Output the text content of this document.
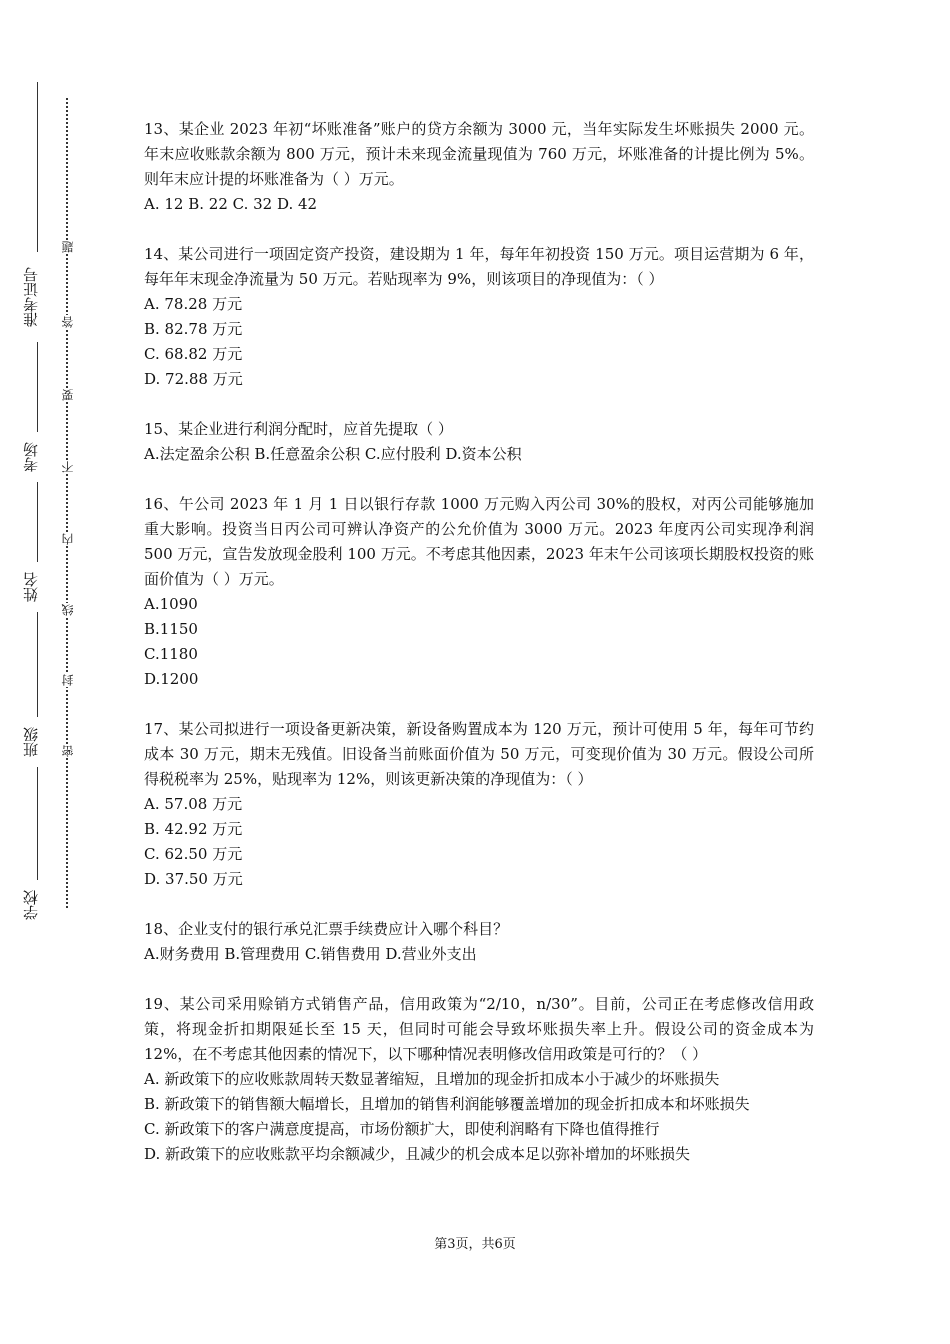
准考证号
考场
姓名
班级
学校
题
答
要
不
内
线
封
密

13、某企业 2023 年初“坏账准备”账户的贷方余额为 3000 元，当年实际发生坏账损失 2000 元。年末应收账款余额为 800 万元，预计未来现金流量现值为 760 万元，坏账准备的计提比例为 5%。则年末应计提的坏账准备为（ ）万元。

A. 12 B. 22 C. 32 D. 42

14、某公司进行一项固定资产投资，建设期为 1 年，每年年初投资 150 万元。项目运营期为 6 年，每年年末现金净流量为 50 万元。若贴现率为 9%，则该项目的净现值为：（ ）

A. 78.28 万元

B. 82.78 万元

C. 68.82 万元

D. 72.88 万元

15、某企业进行利润分配时，应首先提取（ ）

A.法定盈余公积 B.任意盈余公积 C.应付股利 D.资本公积

16、午公司 2023 年 1 月 1 日以银行存款 1000 万元购入丙公司 30%的股权，对丙公司能够施加重大影响。投资当日丙公司可辨认净资产的公允价值为 3000 万元。2023 年度丙公司实现净利润 500 万元，宣告发放现金股利 100 万元。不考虑其他因素，2023 年末午公司该项长期股权投资的账面价值为（ ）万元。

A.1090

B.1150

C.1180

D.1200

17、某公司拟进行一项设备更新决策，新设备购置成本为 120 万元，预计可使用 5 年，每年可节约成本 30 万元，期末无残值。旧设备当前账面价值为 50 万元，可变现价值为 30 万元。假设公司所得税税率为 25%，贴现率为 12%，则该更新决策的净现值为：（ ）

A. 57.08 万元

B. 42.92 万元

C. 62.50 万元

D. 37.50 万元

18、企业支付的银行承兑汇票手续费应计入哪个科目？

A.财务费用 B.管理费用 C.销售费用 D.营业外支出

19、某公司采用赊销方式销售产品，信用政策为“2/10，n/30”。目前，公司正在考虑修改信用政策，将现金折扣期限延长至 15 天，但同时可能会导致坏账损失率上升。假设公司的资金成本为 12%，在不考虑其他因素的情况下，以下哪种情况表明修改信用政策是可行的？（ ）

A. 新政策下的应收账款周转天数显著缩短，且增加的现金折扣成本小于减少的坏账损失

B. 新政策下的销售额大幅增长，且增加的销售利润能够覆盖增加的现金折扣成本和坏账损失

C. 新政策下的客户满意度提高，市场份额扩大，即使利润略有下降也值得推行

D. 新政策下的应收账款平均余额减少，且减少的机会成本足以弥补增加的坏账损失

第3页，共6页
